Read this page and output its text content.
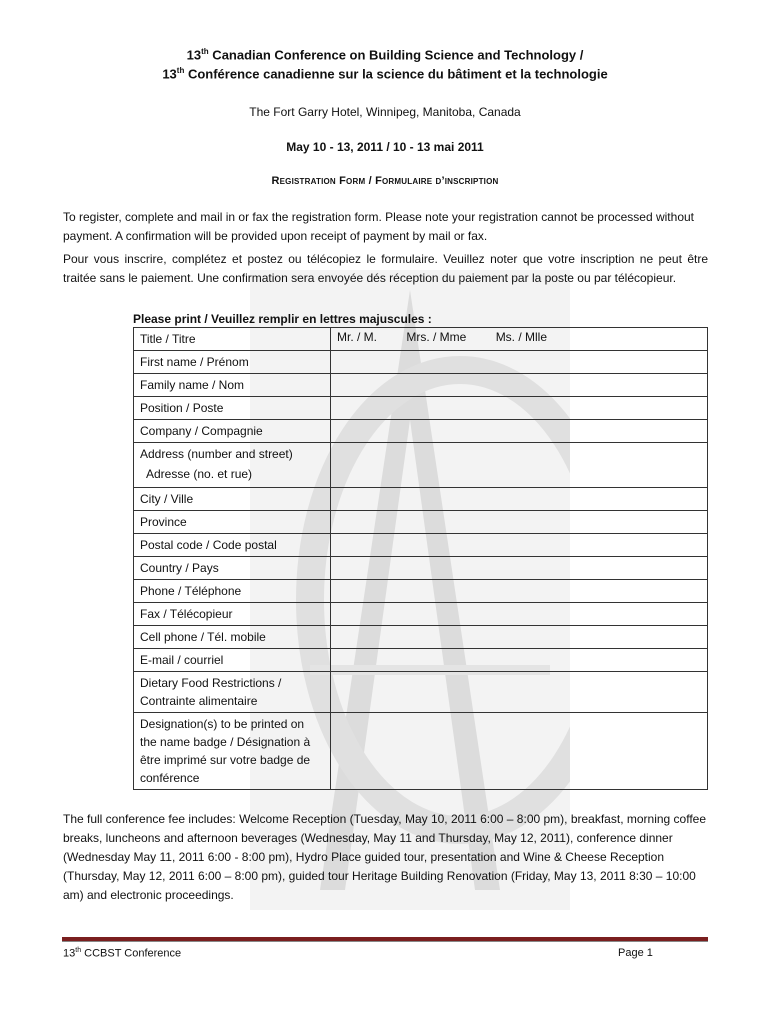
13th Canadian Conference on Building Science and Technology /
13th Conférence canadienne sur la science du bâtiment et la technologie
The Fort Garry Hotel, Winnipeg, Manitoba, Canada
May 10 - 13, 2011 / 10 - 13 mai 2011
Registration Form / Formulaire d’inscription
To register, complete and mail in or fax the registration form. Please note your registration cannot be processed without payment. A confirmation will be provided upon receipt of payment by mail or fax.
Pour vous inscrire, complétez et postez ou télécopiez le formulaire. Veuillez noter que votre inscription ne peut être traitée sans le paiement. Une confirmation sera envoyée dés réception du paiement par la poste ou par télécopieur.
Please print / Veuillez remplir en lettres majuscules :
Title / Titre	Mr. / M. Mrs. / Mme Ms. / Mlle
First name / Prénom	
Family name / Nom	
Position / Poste	
Company / Compagnie	

Address (number and street)
Adresse (no. et rue)	

City / Ville	
Province	
Postal code / Code postal	
Country / Pays	
Phone / Téléphone	
Fax / Télécopieur	
Cell phone / Tél. mobile	
E-mail / courriel	
Dietary Food Restrictions / Contrainte alimentaire	
Designation(s) to be printed on the name badge / Désignation à être imprimé sur votre badge de conférence	
The full conference fee includes: Welcome Reception (Tuesday, May 10, 2011 6:00 – 8:00 pm), breakfast, morning coffee breaks, luncheons and afternoon beverages (Wednesday, May 11 and Thursday, May 12, 2011), conference dinner (Wednesday May 11, 2011 6:00 - 8:00 pm), Hydro Place guided tour, presentation and Wine & Cheese Reception (Thursday, May 12, 2011 6:00 – 8:00 pm), guided tour Heritage Building Renovation (Friday, May 13, 2011 8:30 – 10:00 am) and electronic proceedings.
13th CCBST Conference	Page 1
